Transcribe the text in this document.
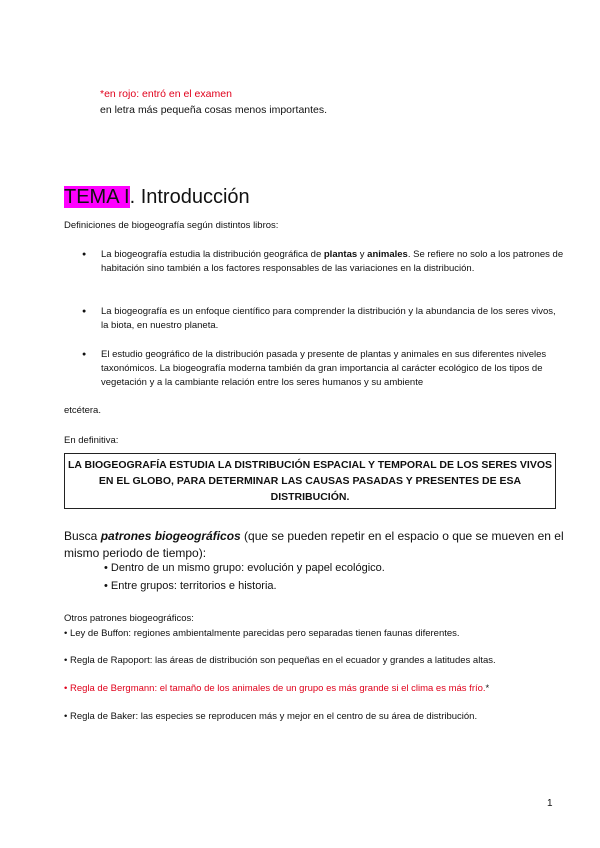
*en rojo: entró en el examen
en letra más pequeña cosas menos importantes.
TEMA I. Introducción
Definiciones de biogeografía según distintos libros:
● La biogeografía estudia la distribución geográfica de plantas y animales. Se refiere no solo a los patrones de habitación sino también a los factores responsables de las variaciones en la distribución.
● La biogeografía es un enfoque científico para comprender la distribución y la abundancia de los seres vivos, la biota, en nuestro planeta.
● El estudio geográfico de la distribución pasada y presente de plantas y animales en sus diferentes niveles taxonómicos. La biogeografía moderna también da gran importancia al carácter ecológico de los tipos de vegetación y a la cambiante relación entre los seres humanos y su ambiente
etcétera.
En definitiva:
LA BIOGEOGRAFÍA ESTUDIA LA DISTRIBUCIÓN ESPACIAL Y TEMPORAL DE LOS SERES VIVOS EN EL GLOBO, PARA DETERMINAR LAS CAUSAS PASADAS Y PRESENTES DE ESA DISTRIBUCIÓN.
Busca patrones biogeográficos (que se pueden repetir en el espacio o que se mueven en el mismo periodo de tiempo):
• Dentro de un mismo grupo: evolución y papel ecológico.
• Entre grupos: territorios e historia.
Otros patrones biogeográficos:
• Ley de Buffon: regiones ambientalmente parecidas pero separadas tienen faunas diferentes.
• Regla de Rapoport: las áreas de distribución son pequeñas en el ecuador y grandes a latitudes altas.
• Regla de Bergmann: el tamaño de los animales de un grupo es más grande si el clima es más frío.*
• Regla de Baker: las especies se reproducen más y mejor en el centro de su área de distribución.
1
